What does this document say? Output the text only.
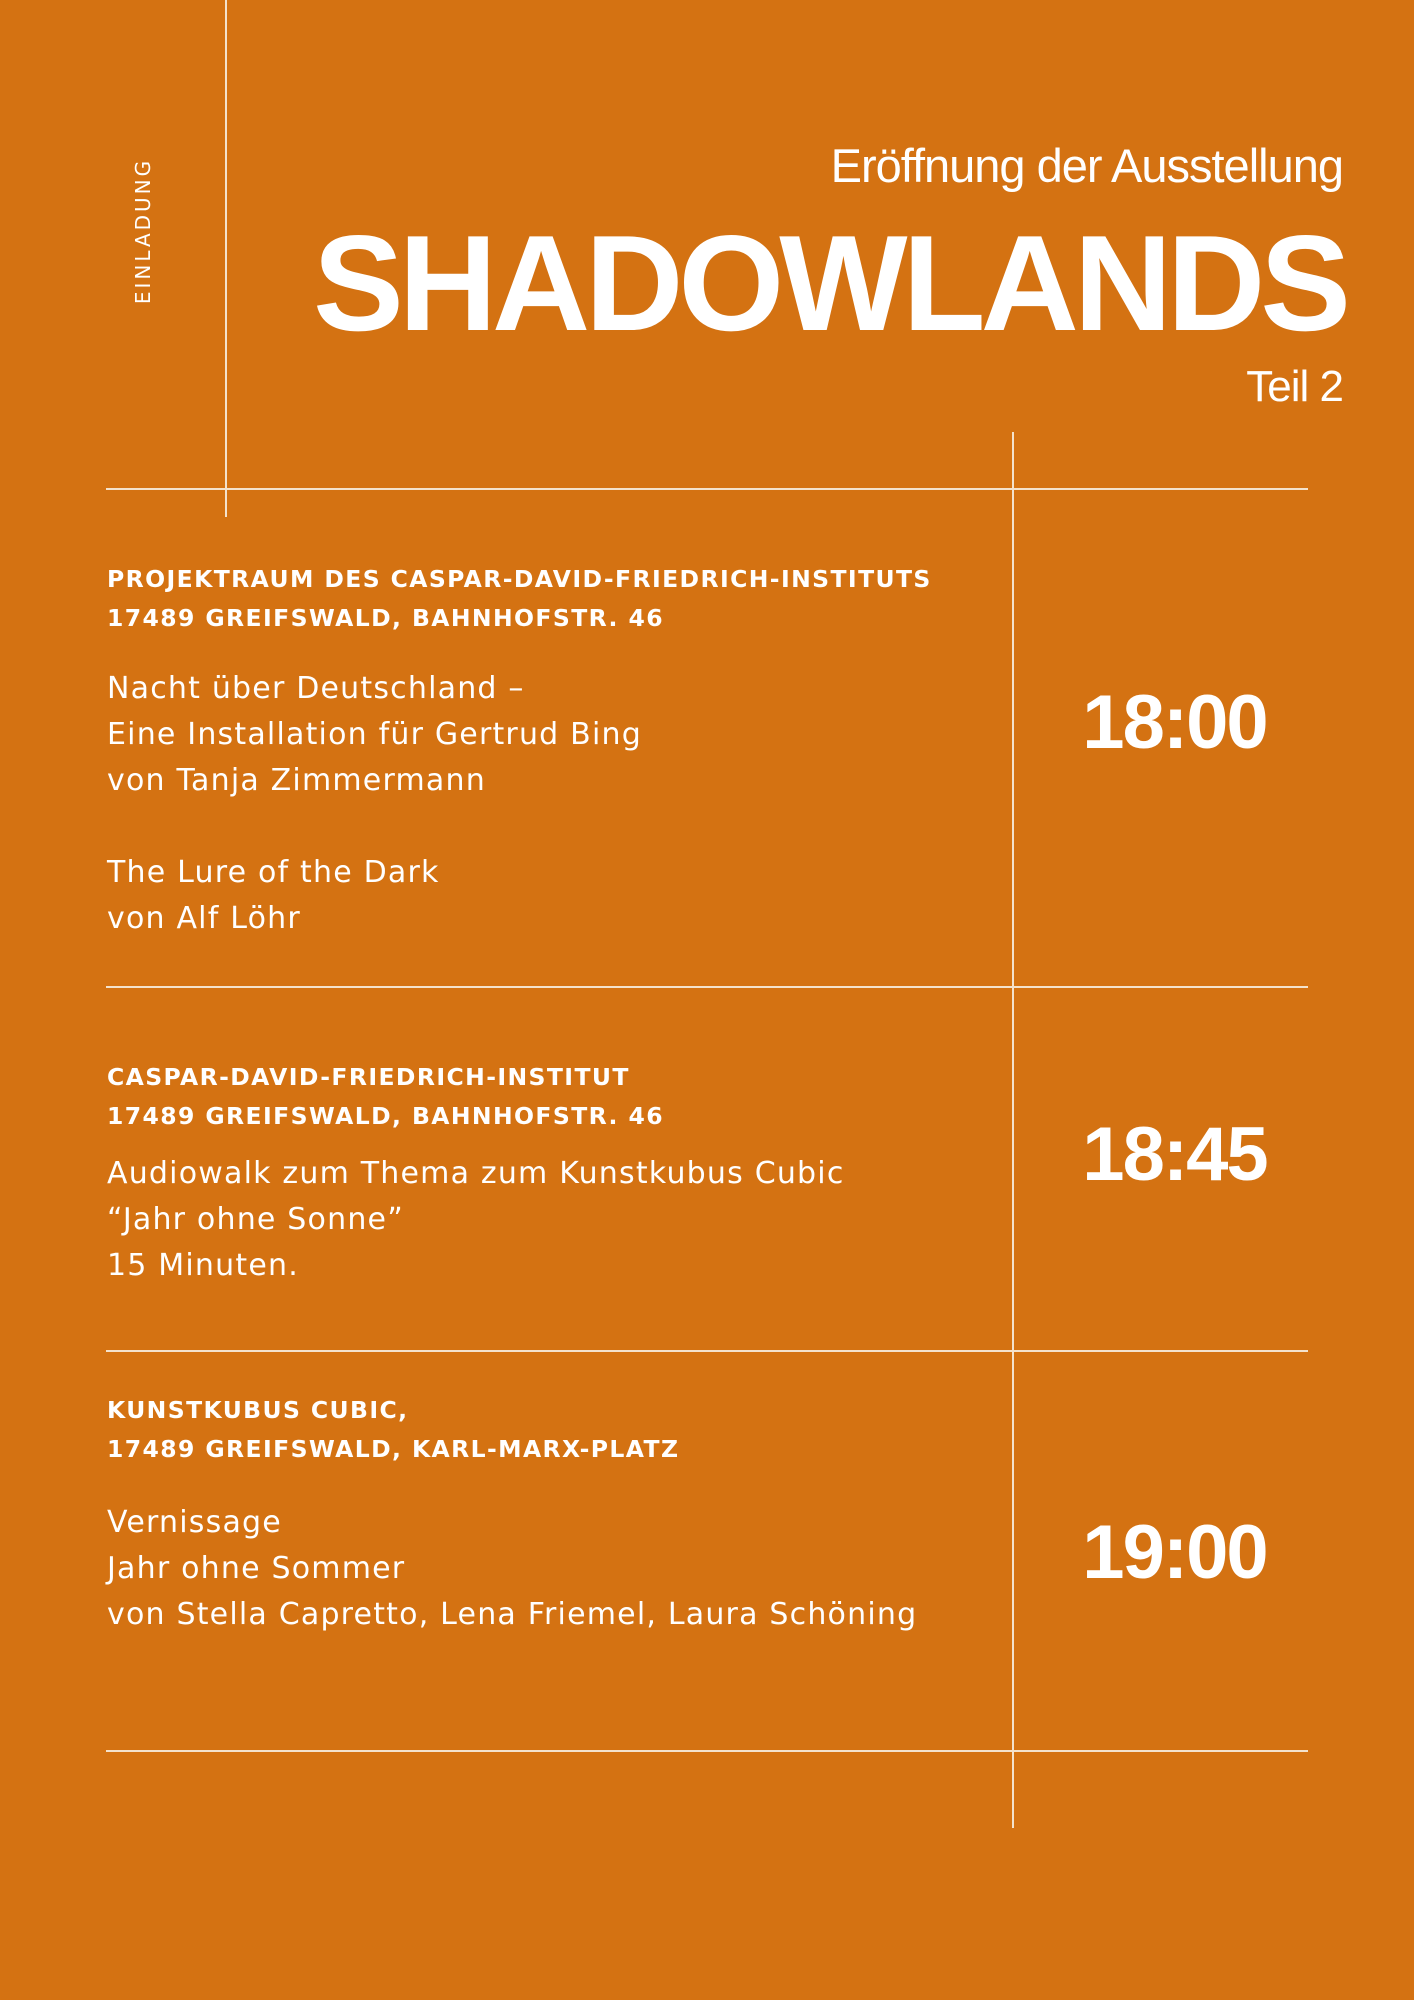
EINLADUNG	Eröffnung der Ausstellung
SHADOWLANDS
Teil 2
PROJEKTRAUM DES CASPAR-DAVID-FRIEDRICH-INSTITUTS
17489 GREIFSWALD, BAHNHOFSTR. 46
Nacht über Deutschland –
Eine Installation für Gertrud Bing
von Tanja Zimmermann
The Lure of the Dark
von Alf Löhr
18:00
CASPAR-DAVID-FRIEDRICH-INSTITUT
17489 GREIFSWALD, BAHNHOFSTR. 46
Audiowalk zum Thema zum Kunstkubus Cubic
“Jahr ohne Sonne”
15 Minuten.
18:45
KUNSTKUBUS CUBIC,
17489 GREIFSWALD, KARL-MARX-PLATZ
Vernissage
Jahr ohne Sommer
von Stella Capretto, Lena Friemel, Laura Schöning
19:00
